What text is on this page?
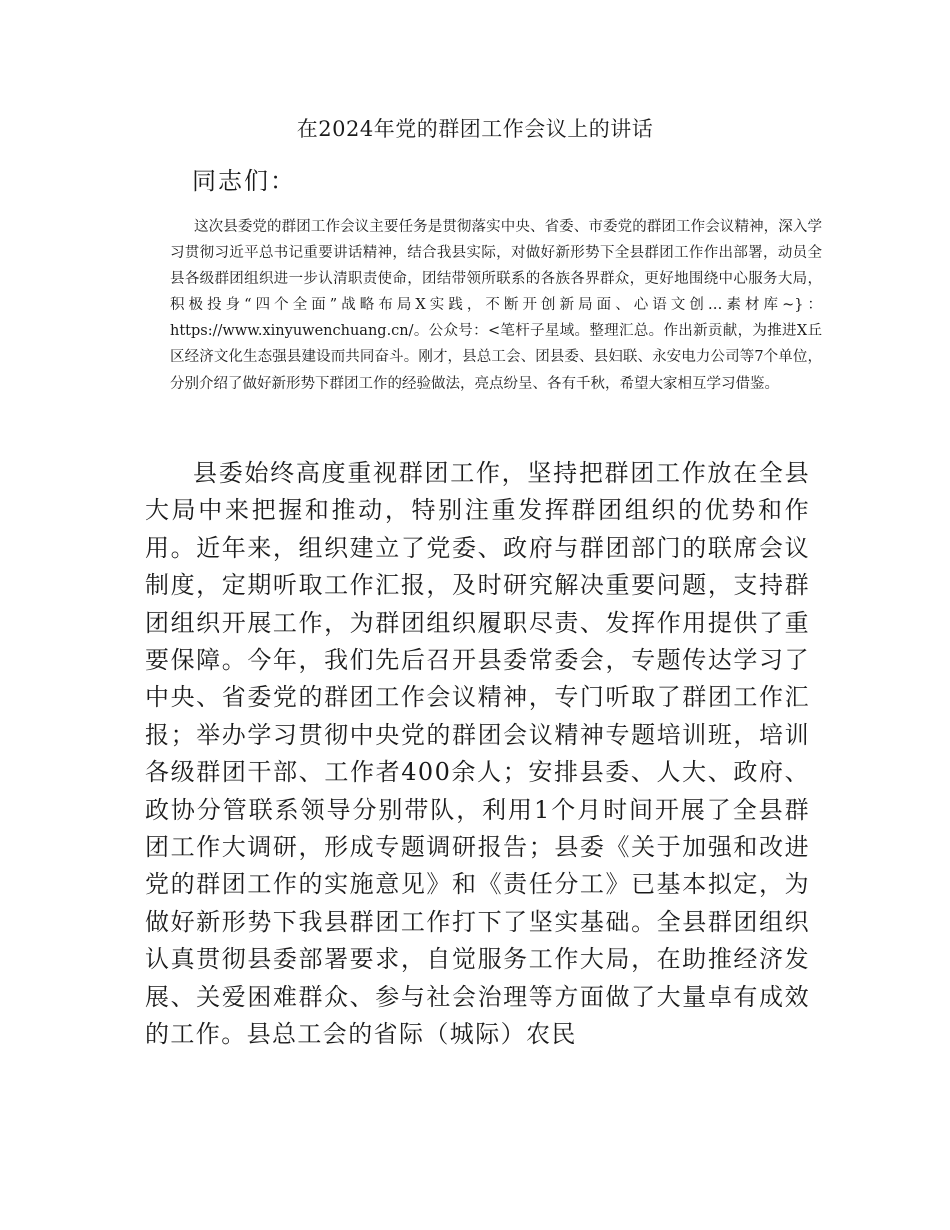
在2024年党的群团工作会议上的讲话

同志们：

这次县委党的群团工作会议主要任务是贯彻落实中央、省委、市委党的群团工作会议精神，深入学习贯彻习近平总书记重要讲话精神，结合我县实际，对做好新形势下全县群团工作作出部署，动员全县各级群团组织进一步认清职责使命，团结带领所联系的各族各界群众，更好地围绕中心服务大局，积极投身“四个全面”战略布局X实践，不断开创新局面、心语文创…素材库~}：https://www.xinyuwenchuang.cn/。公众号：<笔杆子星域。整理汇总。作出新贡献，为推进X丘区经济文化生态强县建设而共同奋斗。刚才，县总工会、团县委、县妇联、永安电力公司等7个单位，分别介绍了做好新形势下群团工作的经验做法，亮点纷呈、各有千秋，希望大家相互学习借鉴。

县委始终高度重视群团工作，坚持把群团工作放在全县大局中来把握和推动，特别注重发挥群团组织的优势和作用。近年来，组织建立了党委、政府与群团部门的联席会议制度，定期听取工作汇报，及时研究解决重要问题，支持群团组织开展工作，为群团组织履职尽责、发挥作用提供了重要保障。今年，我们先后召开县委常委会，专题传达学习了中央、省委党的群团工作会议精神，专门听取了群团工作汇报；举办学习贯彻中央党的群团会议精神专题培训班，培训各级群团干部、工作者400余人；安排县委、人大、政府、政协分管联系领导分别带队，利用1个月时间开展了全县群团工作大调研，形成专题调研报告；县委《关于加强和改进党的群团工作的实施意见》和《责任分工》已基本拟定，为做好新形势下我县群团工作打下了坚实基础。全县群团组织认真贯彻县委部署要求，自觉服务工作大局，在助推经济发展、关爱困难群众、参与社会治理等方面做了大量卓有成效的工作。县总工会的省际（城际）农民
